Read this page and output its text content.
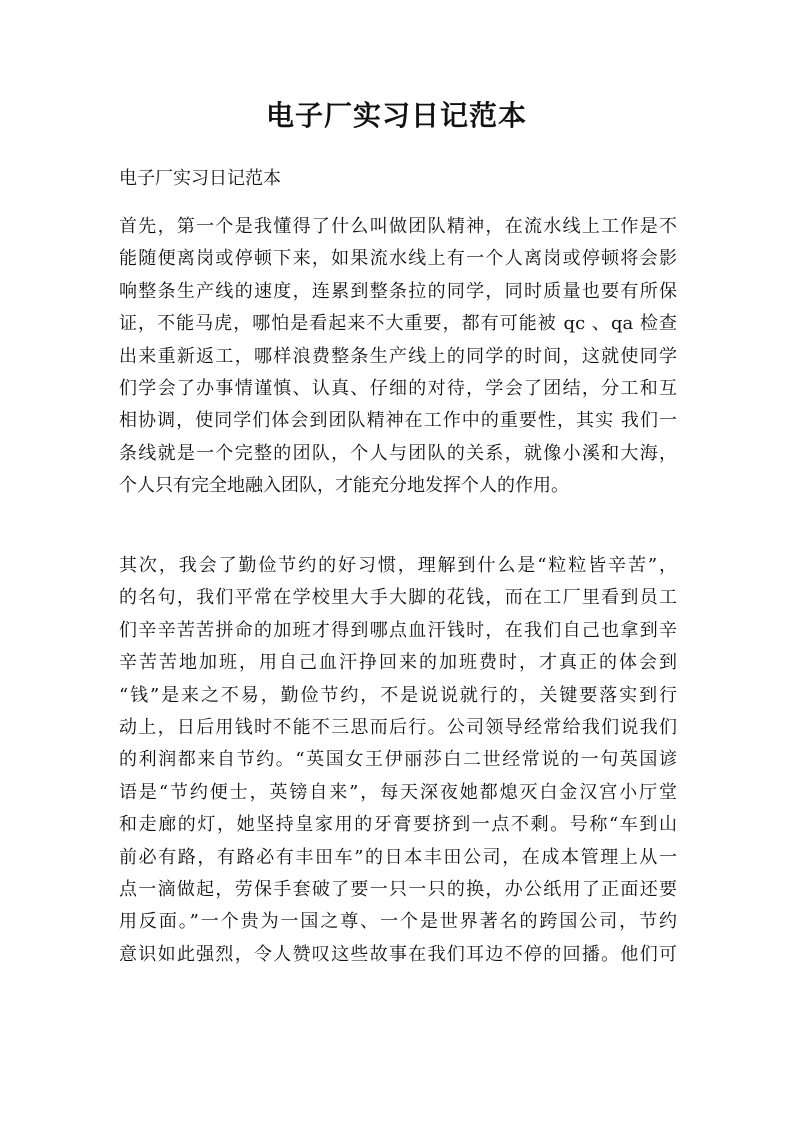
电子厂实习日记范本

电子厂实习日记范本

首先，第一个是我懂得了什么叫做团队精神，在流水线上工作是不
能随便离岗或停顿下来，如果流水线上有一个人离岗或停顿将会影
响整条生产线的速度，连累到整条拉的同学，同时质量也要有所保
证，不能马虎，哪怕是看起来不大重要，都有可能被 qc 、qa 检查
出来重新返工，哪样浪费整条生产线上的同学的时间，这就使同学
们学会了办事情谨慎、认真、仔细的对待，学会了团结，分工和互
相协调，使同学们体会到团队精神在工作中的重要性，其实 我们一
条线就是一个完整的团队，个人与团队的关系，就像小溪和大海，
个人只有完全地融入团队，才能充分地发挥个人的作用。
其次，我会了勤俭节约的好习惯，理解到什么是“粒粒皆辛苦”，
的名句，我们平常在学校里大手大脚的花钱，而在工厂里看到员工
们辛辛苦苦拼命的加班才得到哪点血汗钱时，在我们自己也拿到辛
辛苦苦地加班，用自己血汗挣回来的加班费时，才真正的体会到
“钱”是来之不易，勤俭节约，不是说说就行的，关键要落实到行
动上，日后用钱时不能不三思而后行。公司领导经常给我们说我们
的利润都来自节约。“英国女王伊丽莎白二世经常说的一句英国谚
语是“节约便士，英镑自来”，每天深夜她都熄灭白金汉宫小厅堂
和走廊的灯，她坚持皇家用的牙膏要挤到一点不剩。号称“车到山
前必有路，有路必有丰田车”的日本丰田公司，在成本管理上从一
点一滴做起，劳保手套破了要一只一只的换，办公纸用了正面还要
用反面。”一个贵为一国之尊、一个是世界著名的跨国公司，节约
意识如此强烈，令人赞叹这些故事在我们耳边不停的回播。他们可
